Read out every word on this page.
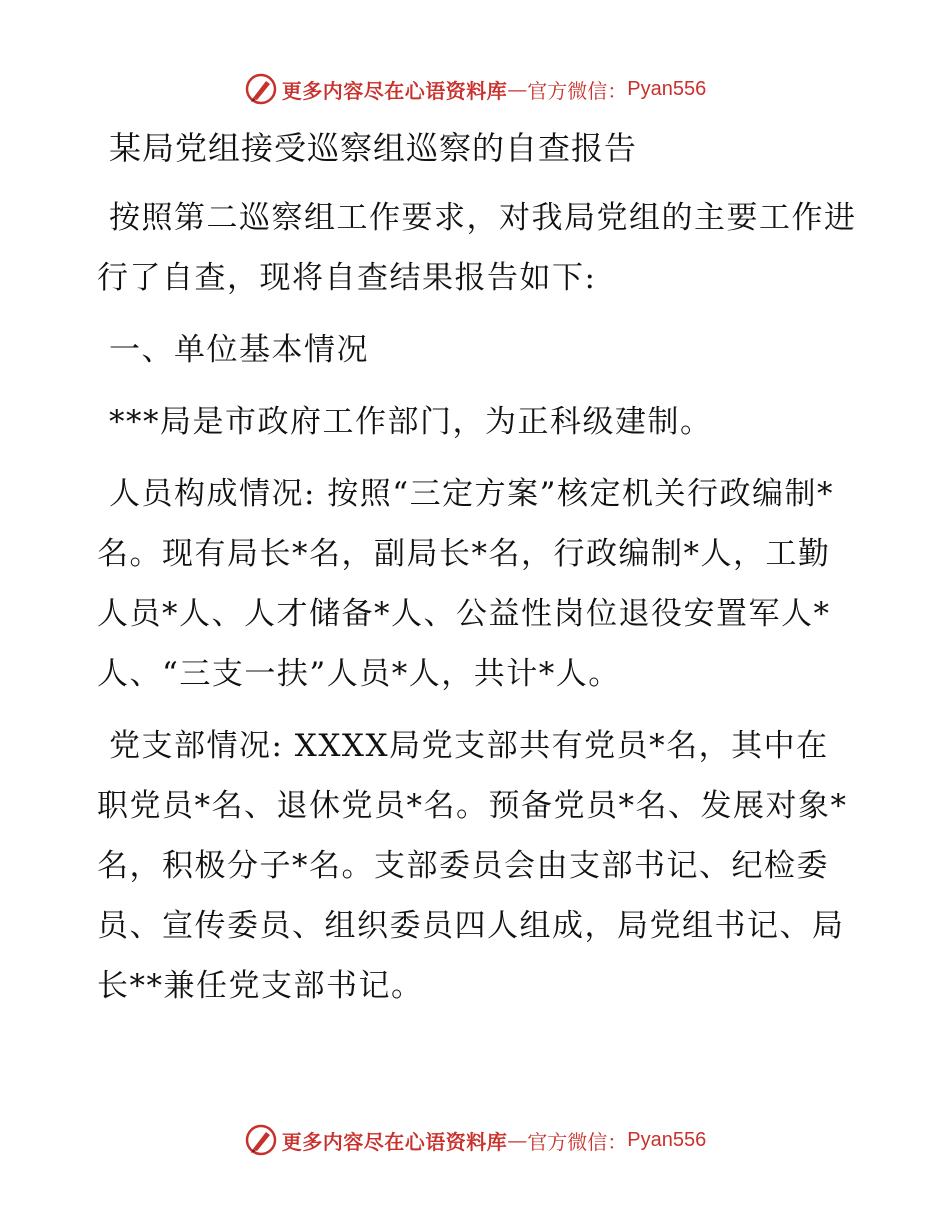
更多内容尽在心语资料库 — 官方微信： Pyan556
某局党组接受巡察组巡察的自查报告

按照第二巡察组工作要求，对我局党组的主要工作进行了自查，现将自查结果报告如下:

一、单位基本情况

***局是市政府工作部门，为正科级建制。

人员构成情况: 按照“三定方案”核定机关行政编制*名。现有局长*名，副局长*名，行政编制*人，工勤人员*人、人才储备*人、公益性岗位退役安置军人*人、“三支一扶”人员*人，共计*人。

党支部情况: XXXX局党支部共有党员*名，其中在职党员*名、退休党员*名。预备党员*名、发展对象*名，积极分子*名。支部委员会由支部书记、纪检委员、宣传委员、组织委员四人组成，局党组书记、局长**兼任党支部书记。

更多内容尽在心语资料库 — 官方微信： Pyan556
